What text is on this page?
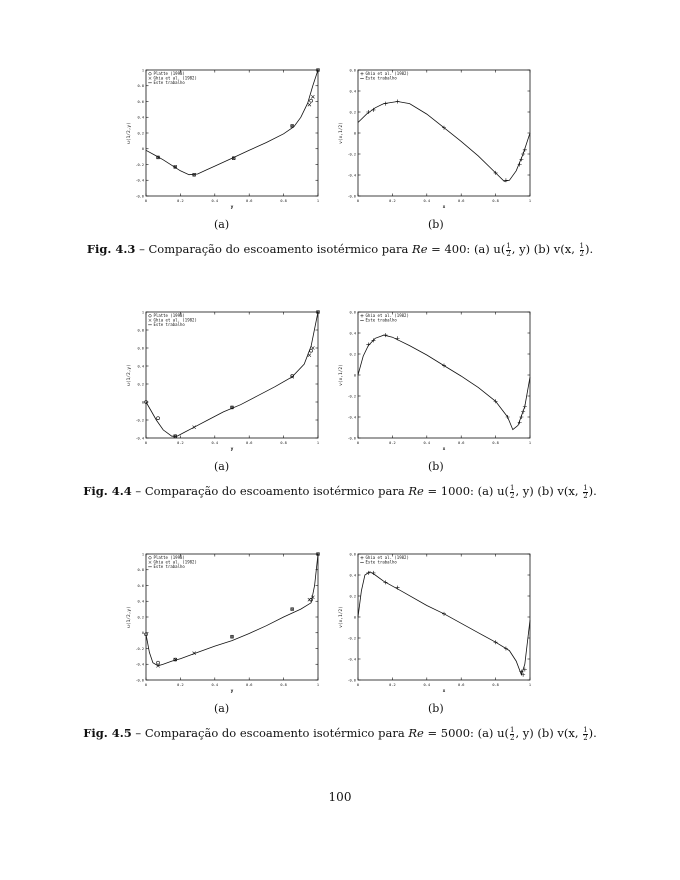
0	0.2	0.4	0.6	0.8	1
-0.6
-0.4
-0.2
0
0.2
0.4
0.6
0.8
1
y
u(1/2,y)
Platte (1998)
Ghia et al. (1982)
Este trabalho
0	0.2	0.4	0.6	0.8	1
-0.6
-0.4
-0.2
0
0.2
0.4
0.6
x
v(x,1/2)
Ghia et al. (1982)
Este trabalho
(a)	(b)
Fig. 4.3 – Comparação do escoamento isotérmico para Re = 400: (a) $u( \frac{1}{2}$ , y) (b) v(x, $\frac{1}{2}$ ).
0	0.2	0.4	0.6	0.8	1
-0.4
-0.2
0
0.2
0.4
0.6
0.8
1
y
u(1/2,y)
Platte (1998)
Ghia et al. (1982)
Este trabalho
0	0.2	0.4	0.6	0.8	1
-0.6
-0.4
-0.2
0
0.2
0.4
0.6
x
v(x,1/2)
Ghia et al. (1982)
Este trabalho
(a)	(b)
Fig. 4.4 – Comparação do escoamento isotérmico para Re = 1000: (a) $u( \frac{1}{2}$ , y) (b) v(x, $\frac{1}{2}$ ).
0	0.2	0.4	0.6	0.8	1
-0.6
-0.4
-0.2
0
0.2
0.4
0.6
0.8
1
y
u(1/2,y)
Platte (1998)
Ghia et al. (1982)
Este trabalho
0	0.2	0.4	0.6	0.8	1
-0.6
-0.4
-0.2
0
0.2
0.4
0.6
x
v(x,1/2)
Ghia et al. (1982)
Este trabalho
(a)	(b)
Fig. 4.5 – Comparação do escoamento isotérmico para Re = 5000: (a) $u( \frac{1}{2}$ , y) (b) v(x, $\frac{1}{2}$ ).
100
